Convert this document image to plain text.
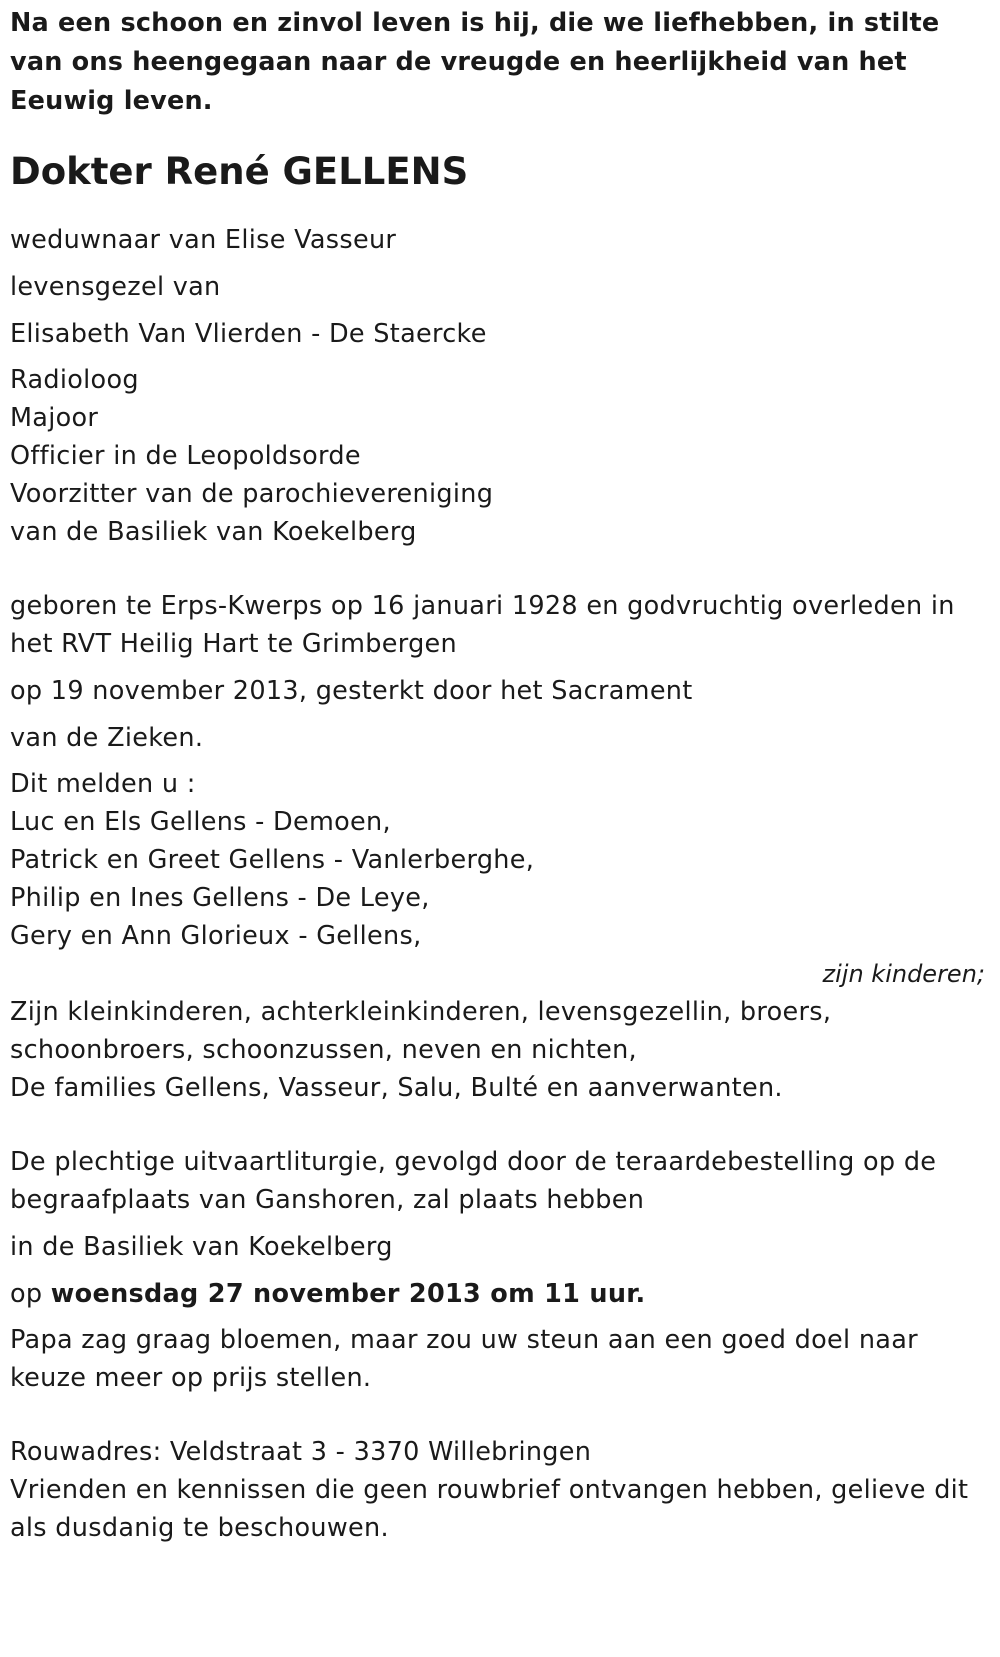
Na een schoon en zinvol leven is hij, die we liefhebben, in stilte van ons heengegaan naar de vreugde en heerlijkheid van het Eeuwig leven.

Dokter René GELLENS

weduwnaar van Elise Vasseur

levensgezel van

Elisabeth Van Vlierden - De Staercke

Radioloog

Majoor

Officier in de Leopoldsorde

Voorzitter van de parochievereniging

van de Basiliek van Koekelberg

geboren te Erps-Kwerps op 16 januari 1928 en godvruchtig overleden in het RVT Heilig Hart te Grimbergen

op 19 november 2013, gesterkt door het Sacrament

van de Zieken.

Dit melden u :

Luc en Els Gellens - Demoen,

Patrick en Greet Gellens - Vanlerberghe,

Philip en Ines Gellens - De Leye,

Gery en Ann Glorieux - Gellens,

zijn kinderen;

Zijn kleinkinderen, achterkleinkinderen, levensgezellin, broers,

schoonbroers, schoonzussen, neven en nichten,

De families Gellens, Vasseur, Salu, Bulté en aanverwanten.

De plechtige uitvaartliturgie, gevolgd door de teraardebestelling op de begraafplaats van Ganshoren, zal plaats hebben

in de Basiliek van Koekelberg

op woensdag 27 november 2013 om 11 uur.

Papa zag graag bloemen, maar zou uw steun aan een goed doel naar keuze meer op prijs stellen.

Rouwadres: Veldstraat 3 - 3370 Willebringen

Vrienden en kennissen die geen rouwbrief ontvangen hebben, gelieve dit als dusdanig te beschouwen.
